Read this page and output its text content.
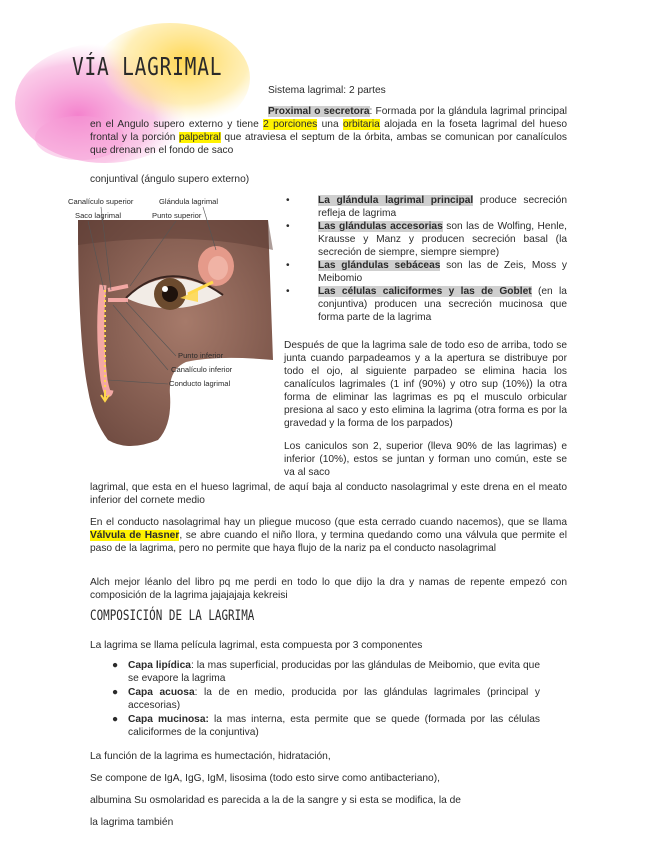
VÍA LAGRIMAL
Sistema lagrimal: 2 partes

Proximal o secretora: Formada por la glándula lagrimal principal en el Angulo supero externo y tiene 2 porciones una orbitaria alojada en la foseta lagrimal del hueso frontal y la porción palpebral que atraviesa el septum de la órbita, ambas se comunican por canalículos que drenan en el fondo de saco

conjuntival (ángulo supero externo)
Canalículo superior	Glándula lagrimal
Saco lagrimal	Punto superior
Punto inferior
Canalículo inferior
Conducto lagrimal
•	La glándula lagrimal principal produce secreción refleja de lagrima
•	Las glándulas accesorias son las de Wolfing, Henle, Krausse y Manz y producen secreción basal (la secreción de siempre, siempre siempre)
•	Las glándulas sebáceas son las de Zeis, Moss y Meibomio
•	Las células caliciformes y las de Goblet (en la conjuntiva) producen una secreción mucinosa que forma parte de la lagrima

Después de que la lagrima sale de todo eso de arriba, todo se junta cuando parpadeamos y a la apertura se distribuye por todo el ojo, al siguiente parpadeo se elimina hacia los canalículos lagrimales (1 inf (90%) y otro sup (10%)) la otra forma de eliminar las lagrimas es pq el musculo orbicular presiona al saco y esto elimina la lagrima (otra forma es por la gravedad y la forma de los parpados)

Los caniculos son 2, superior (lleva 90% de las lagrimas) e inferior (10%), estos se juntan y forman uno común, este se va al saco

lagrimal, que esta en el hueso lagrimal, de aquí baja al conducto nasolagrimal y este drena en el meato inferior del cornete medio

En el conducto nasolagrimal hay un pliegue mucoso (que esta cerrado cuando nacemos), que se llama Válvula de Hasner, se abre cuando el niño llora, y termina quedando como una válvula que permite el paso de la lagrima, pero no permite que haya flujo de la nariz pa el conducto nasolagrimal

Alch mejor léanlo del libro pq me perdi en todo lo que dijo la dra y namas de repente empezó con composición de la lagrima jajajajaja kekreisi

COMPOSICIÓN DE LA LAGRIMA

La lagrima se llama película lagrimal, esta compuesta por 3 componentes

● Capa lipídica: la mas superficial, producidas por las glándulas de Meibomio, que evita que se evapore la lagrima
● Capa acuosa: la de en medio, producida por las glándulas lagrimales (principal y accesorias)
● Capa mucinosa: la mas interna, esta permite que se quede (formada por las células caliciformes de la conjuntiva)
La función de la lagrima es humectación, hidratación,
Se compone de IgA, IgG, IgM, lisosima (todo esto sirve como antibacteriano),
albumina Su osmolaridad es parecida a la de la sangre y si esta se modifica, la de
la lagrima también
